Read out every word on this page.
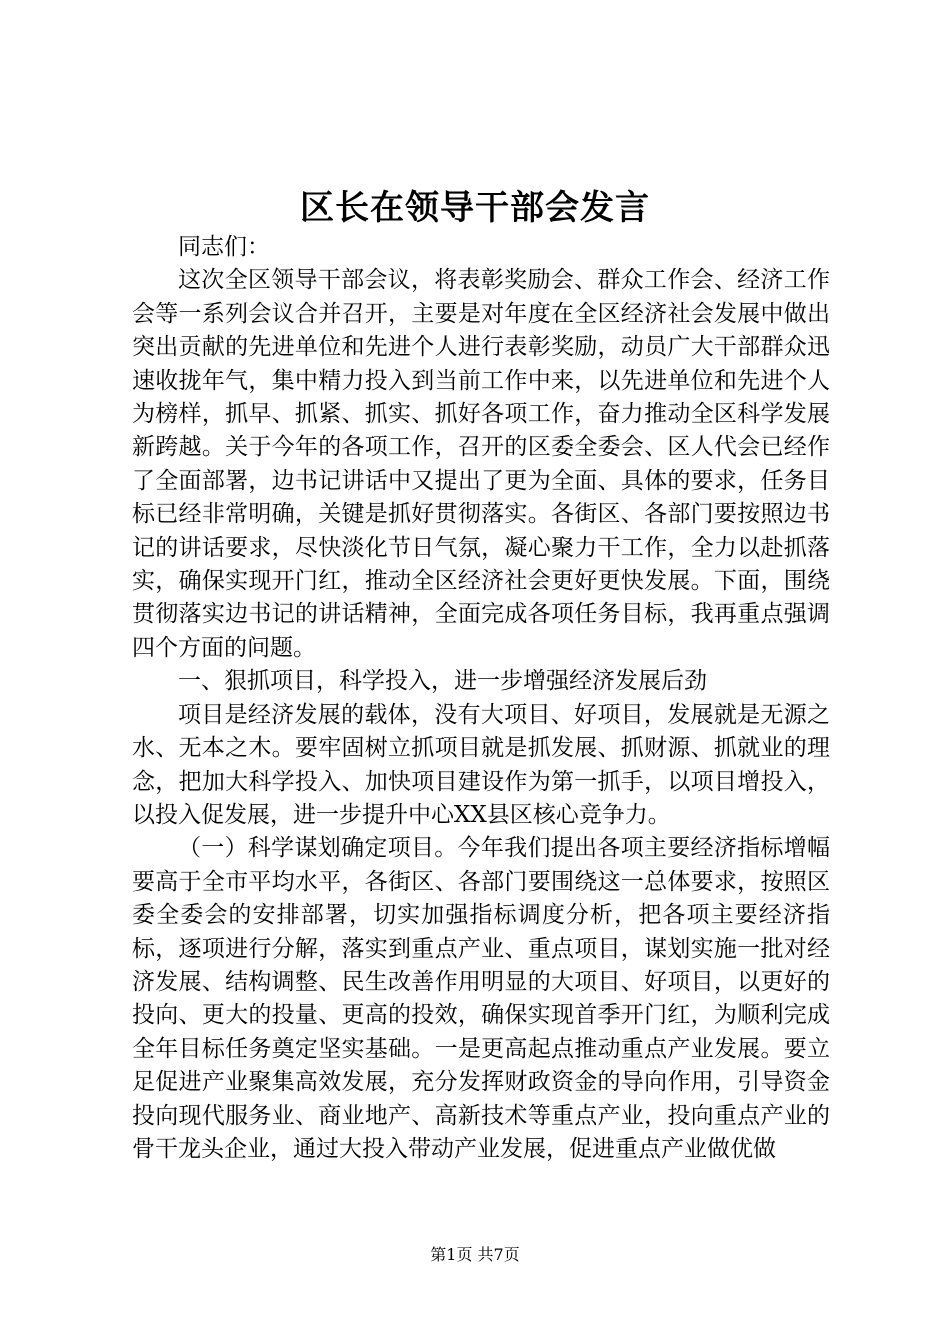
区长在领导干部会发言

同志们：

这次全区领导干部会议，将表彰奖励会、群众工作会、经济工作会等一系列会议合并召开，主要是对年度在全区经济社会发展中做出突出贡献的先进单位和先进个人进行表彰奖励，动员广大干部群众迅速收拢年气，集中精力投入到当前工作中来，以先进单位和先进个人为榜样，抓早、抓紧、抓实、抓好各项工作，奋力推动全区科学发展新跨越。关于今年的各项工作，召开的区委全委会、区人代会已经作了全面部署，边书记讲话中又提出了更为全面、具体的要求，任务目标已经非常明确，关键是抓好贯彻落实。各街区、各部门要按照边书记的讲话要求，尽快淡化节日气氛，凝心聚力干工作，全力以赴抓落实，确保实现开门红，推动全区经济社会更好更快发展。下面，围绕贯彻落实边书记的讲话精神，全面完成各项任务目标，我再重点强调四个方面的问题。

一、狠抓项目，科学投入，进一步增强经济发展后劲

项目是经济发展的载体，没有大项目、好项目，发展就是无源之水、无本之木。要牢固树立抓项目就是抓发展、抓财源、抓就业的理念，把加大科学投入、加快项目建设作为第一抓手，以项目增投入，以投入促发展，进一步提升中心XX县区核心竞争力。

（一）科学谋划确定项目。今年我们提出各项主要经济指标增幅要高于全市平均水平，各街区、各部门要围绕这一总体要求，按照区委全委会的安排部署，切实加强指标调度分析，把各项主要经济指标，逐项进行分解，落实到重点产业、重点项目，谋划实施一批对经济发展、结构调整、民生改善作用明显的大项目、好项目，以更好的投向、更大的投量、更高的投效，确保实现首季开门红，为顺利完成全年目标任务奠定坚实基础。一是更高起点推动重点产业发展。要立足促进产业聚集高效发展，充分发挥财政资金的导向作用，引导资金投向现代服务业、商业地产、高新技术等重点产业，投向重点产业的骨干龙头企业，通过大投入带动产业发展，促进重点产业做优做

第1页 共7页
